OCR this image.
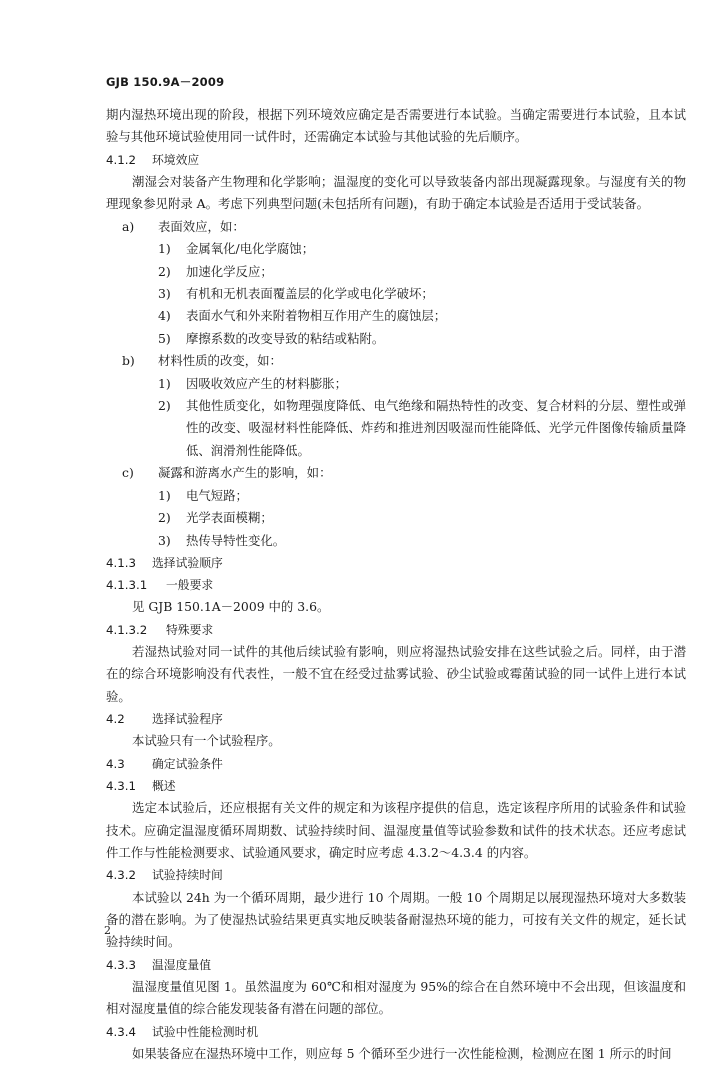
GJB 150.9A－2009

期内湿热环境出现的阶段，根据下列环境效应确定是否需要进行本试验。当确定需要进行本试验，且本试验与其他环境试验使用同一试件时，还需确定本试验与其他试验的先后顺序。

4.1.2 环境效应

潮湿会对装备产生物理和化学影响；温湿度的变化可以导致装备内部出现凝露现象。与湿度有关的物理现象参见附录 A。考虑下列典型问题(未包括所有问题)，有助于确定本试验是否适用于受试装备。

a) 表面效应，如：

1)	金属氧化/电化学腐蚀；
2)	加速化学反应；
3)	有机和无机表面覆盖层的化学或电化学破坏；
4)	表面水气和外来附着物相互作用产生的腐蚀层；
5)	摩擦系数的改变导致的粘结或粘附。

b) 材料性质的改变，如：

1)	因吸收效应产生的材料膨胀；
2)	其他性质变化，如物理强度降低、电气绝缘和隔热特性的改变、复合材料的分层、塑性或弹性的改变、吸湿材料性能降低、炸药和推进剂因吸湿而性能降低、光学元件图像传输质量降低、润滑剂性能降低。

c) 凝露和游离水产生的影响，如：

1)	电气短路；
2)	光学表面模糊；
3)	热传导特性变化。

4.1.3 选择试验顺序

4.1.3.1 一般要求

见 GJB 150.1A－2009 中的 3.6。

4.1.3.2 特殊要求

若湿热试验对同一试件的其他后续试验有影响，则应将湿热试验安排在这些试验之后。同样，由于潜在的综合环境影响没有代表性，一般不宜在经受过盐雾试验、砂尘试验或霉菌试验的同一试件上进行本试验。

4.2 选择试验程序

本试验只有一个试验程序。

4.3 确定试验条件

4.3.1 概述

选定本试验后，还应根据有关文件的规定和为该程序提供的信息，选定该程序所用的试验条件和试验技术。应确定温湿度循环周期数、试验持续时间、温湿度量值等试验参数和试件的技术状态。还应考虑试件工作与性能检测要求、试验通风要求，确定时应考虑 4.3.2～4.3.4 的内容。

4.3.2 试验持续时间

本试验以 24h 为一个循环周期，最少进行 10 个周期。一般 10 个周期足以展现湿热环境对大多数装备的潜在影响。为了使湿热试验结果更真实地反映装备耐湿热环境的能力，可按有关文件的规定，延长试验持续时间。

4.3.3 温湿度量值

温湿度量值见图 1。虽然温度为 60℃和相对湿度为 95%的综合在自然环境中不会出现，但该温度和相对湿度量值的综合能发现装备有潜在问题的部位。

4.3.4 试验中性能检测时机

如果装备应在湿热环境中工作，则应每 5 个循环至少进行一次性能检测，检测应在图 1 所示的时间

2
